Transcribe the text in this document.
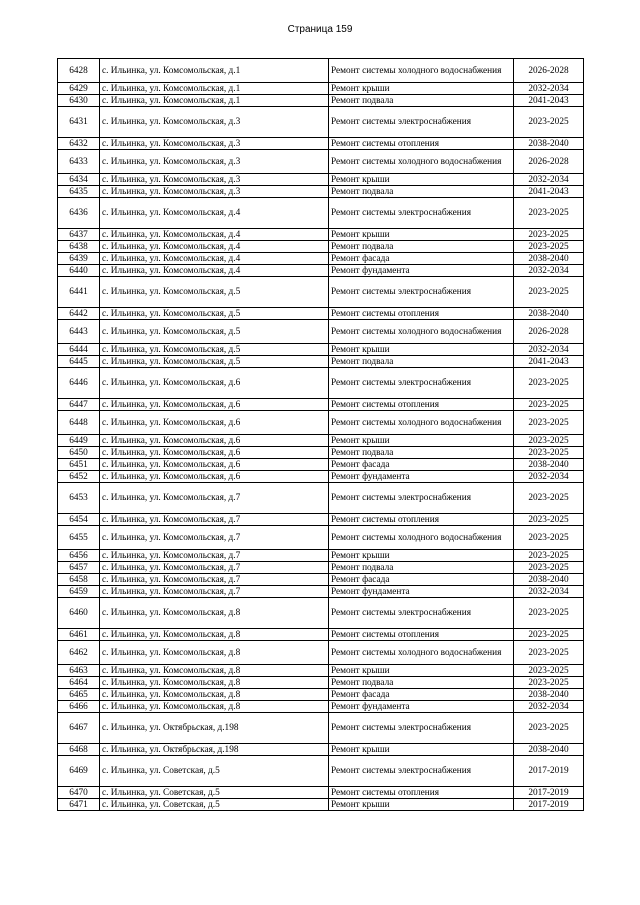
Страница 159
6428	с. Ильинка, ул. Комсомольская, д.1	Ремонт системы холодного водоснабжения	2026-2028
6429	с. Ильинка, ул. Комсомольская, д.1	Ремонт крыши	2032-2034
6430	с. Ильинка, ул. Комсомольская, д.1	Ремонт подвала	2041-2043
6431	с. Ильинка, ул. Комсомольская, д.3	Ремонт системы электроснабжения	2023-2025
6432	с. Ильинка, ул. Комсомольская, д.3	Ремонт системы отопления	2038-2040
6433	с. Ильинка, ул. Комсомольская, д.3	Ремонт системы холодного водоснабжения	2026-2028
6434	с. Ильинка, ул. Комсомольская, д.3	Ремонт крыши	2032-2034
6435	с. Ильинка, ул. Комсомольская, д.3	Ремонт подвала	2041-2043
6436	с. Ильинка, ул. Комсомольская, д.4	Ремонт системы электроснабжения	2023-2025
6437	с. Ильинка, ул. Комсомольская, д.4	Ремонт крыши	2023-2025
6438	с. Ильинка, ул. Комсомольская, д.4	Ремонт подвала	2023-2025
6439	с. Ильинка, ул. Комсомольская, д.4	Ремонт фасада	2038-2040
6440	с. Ильинка, ул. Комсомольская, д.4	Ремонт фундамента	2032-2034
6441	с. Ильинка, ул. Комсомольская, д.5	Ремонт системы электроснабжения	2023-2025
6442	с. Ильинка, ул. Комсомольская, д.5	Ремонт системы отопления	2038-2040
6443	с. Ильинка, ул. Комсомольская, д.5	Ремонт системы холодного водоснабжения	2026-2028
6444	с. Ильинка, ул. Комсомольская, д.5	Ремонт крыши	2032-2034
6445	с. Ильинка, ул. Комсомольская, д.5	Ремонт подвала	2041-2043
6446	с. Ильинка, ул. Комсомольская, д.6	Ремонт системы электроснабжения	2023-2025
6447	с. Ильинка, ул. Комсомольская, д.6	Ремонт системы отопления	2023-2025
6448	с. Ильинка, ул. Комсомольская, д.6	Ремонт системы холодного водоснабжения	2023-2025
6449	с. Ильинка, ул. Комсомольская, д.6	Ремонт крыши	2023-2025
6450	с. Ильинка, ул. Комсомольская, д.6	Ремонт подвала	2023-2025
6451	с. Ильинка, ул. Комсомольская, д.6	Ремонт фасада	2038-2040
6452	с. Ильинка, ул. Комсомольская, д.6	Ремонт фундамента	2032-2034
6453	с. Ильинка, ул. Комсомольская, д.7	Ремонт системы электроснабжения	2023-2025
6454	с. Ильинка, ул. Комсомольская, д.7	Ремонт системы отопления	2023-2025
6455	с. Ильинка, ул. Комсомольская, д.7	Ремонт системы холодного водоснабжения	2023-2025
6456	с. Ильинка, ул. Комсомольская, д.7	Ремонт крыши	2023-2025
6457	с. Ильинка, ул. Комсомольская, д.7	Ремонт подвала	2023-2025
6458	с. Ильинка, ул. Комсомольская, д.7	Ремонт фасада	2038-2040
6459	с. Ильинка, ул. Комсомольская, д.7	Ремонт фундамента	2032-2034
6460	с. Ильинка, ул. Комсомольская, д.8	Ремонт системы электроснабжения	2023-2025
6461	с. Ильинка, ул. Комсомольская, д.8	Ремонт системы отопления	2023-2025
6462	с. Ильинка, ул. Комсомольская, д.8	Ремонт системы холодного водоснабжения	2023-2025
6463	с. Ильинка, ул. Комсомольская, д.8	Ремонт крыши	2023-2025
6464	с. Ильинка, ул. Комсомольская, д.8	Ремонт подвала	2023-2025
6465	с. Ильинка, ул. Комсомольская, д.8	Ремонт фасада	2038-2040
6466	с. Ильинка, ул. Комсомольская, д.8	Ремонт фундамента	2032-2034
6467	с. Ильинка, ул. Октябрьская, д.198	Ремонт системы электроснабжения	2023-2025
6468	с. Ильинка, ул. Октябрьская, д.198	Ремонт крыши	2038-2040
6469	с. Ильинка, ул. Советская, д.5	Ремонт системы электроснабжения	2017-2019
6470	с. Ильинка, ул. Советская, д.5	Ремонт системы отопления	2017-2019
6471	с. Ильинка, ул. Советская, д.5	Ремонт крыши	2017-2019
